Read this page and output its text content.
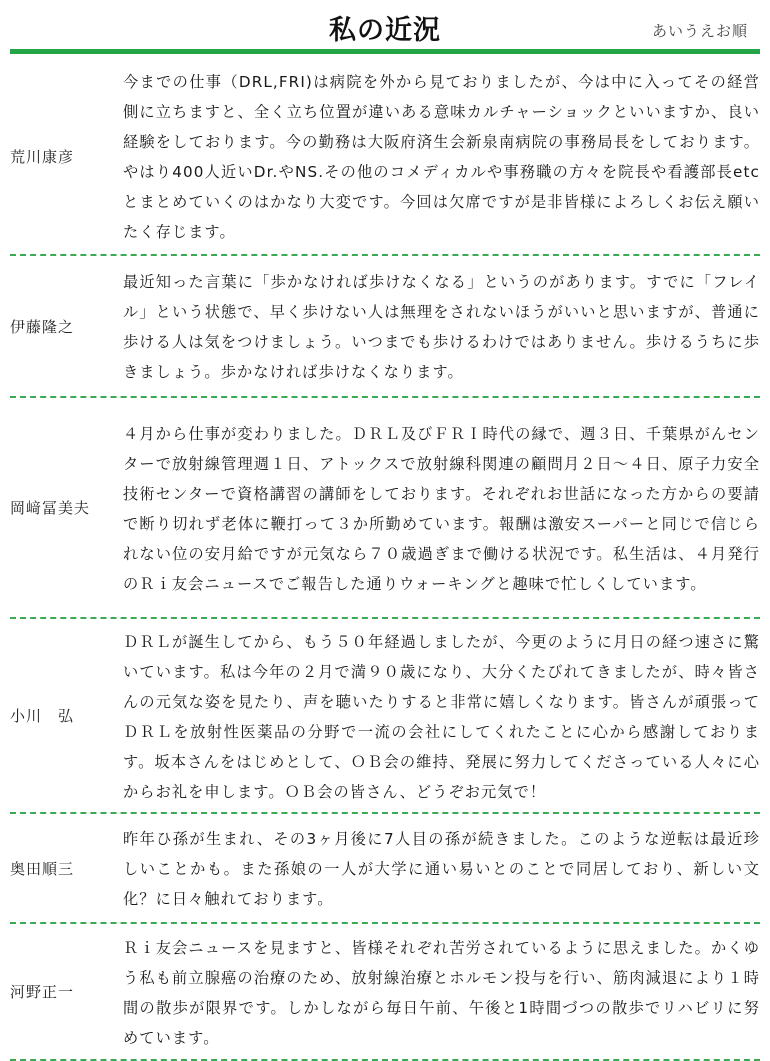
私の近況	あいうえお順
荒川康彦
今までの仕事（DRL,FRI)は病院を外から見ておりましたが、今は中に入ってその経営側に立ちますと、全く立ち位置が違いある意味カルチャーショックといいますか、良い経験をしております。今の勤務は大阪府済生会新泉南病院の事務局長をしております。やはり400人近いDr.やNS.その他のコメディカルや事務職の方々を院長や看護部長etcとまとめていくのはかなり大変です。今回は欠席ですが是非皆様によろしくお伝え願いたく存じます。
伊藤隆之
最近知った言葉に「歩かなければ歩けなくなる」というのがあります。すでに「フレイル」という状態で、早く歩けない人は無理をされないほうがいいと思いますが、普通に歩ける人は気をつけましょう。いつまでも歩けるわけではありません。歩けるうちに歩きましょう。歩かなければ歩けなくなります。
岡﨑冨美夫
４月から仕事が変わりました。ＤＲＬ及びＦＲＩ時代の縁で、週３日、千葉県がんセンターで放射線管理週１日、アトックスで放射線科関連の顧問月２日～４日、原子力安全技術センターで資格講習の講師をしております。それぞれお世話になった方からの要請で断り切れず老体に鞭打って３か所勤めています。報酬は激安スーパーと同じで信じられない位の安月給ですが元気なら７０歳過ぎまで働ける状況です。私生活は、４月発行のＲｉ友会ニュースでご報告した通りウォーキングと趣味で忙しくしています。
小川　弘
ＤＲＬが誕生してから、もう５０年経過しましたが、今更のように月日の経つ速さに驚いています。私は今年の２月で満９０歳になり、大分くたびれてきましたが、時々皆さんの元気な姿を見たり、声を聴いたりすると非常に嬉しくなります。皆さんが頑張ってＤＲＬを放射性医薬品の分野で一流の会社にしてくれたことに心から感謝しております。坂本さんをはじめとして、ＯＢ会の維持、発展に努力してくださっている人々に心からお礼を申します。ＯＢ会の皆さん、どうぞお元気で！
奥田順三
昨年ひ孫が生まれ、その3ヶ月後に7人目の孫が続きました。このような逆転は最近珍しいことかも。また孫娘の一人が大学に通い易いとのことで同居しており、新しい文化？に日々触れております。
河野正一
Ｒｉ友会ニュースを見ますと、皆様それぞれ苦労されているように思えました。かくゆう私も前立腺癌の治療のため、放射線治療とホルモン投与を行い、筋肉減退により１時間の散歩が限界です。しかしながら毎日午前、午後と1時間づつの散歩でリハビリに努めています。
